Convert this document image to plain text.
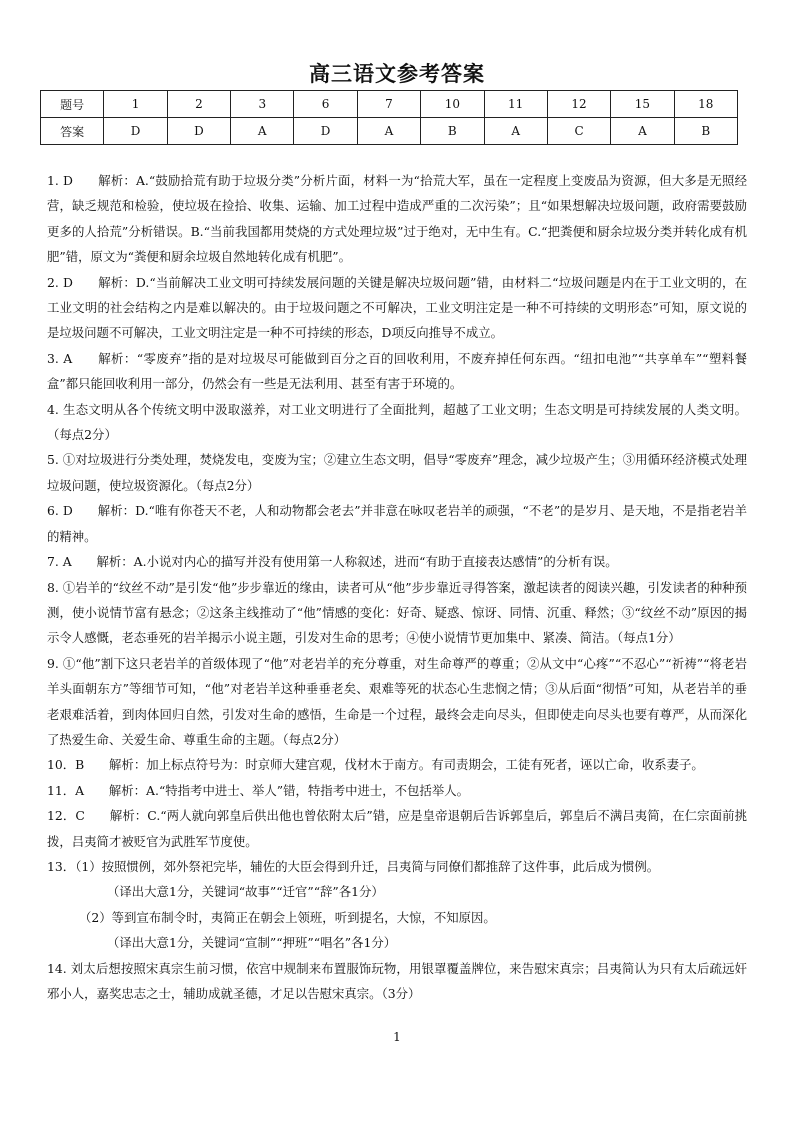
高三语文参考答案
题号	1	2	3	6	7	10	11	12	15	18
答案	D	D	A	D	A	B	A	C	A	B

1. D　　解析：A.“鼓励拾荒有助于垃圾分类”分析片面，材料一为“拾荒大军，虽在一定程度上变废品为资源，但大多是无照经营，缺乏规范和检验，使垃圾在捡拾、收集、运输、加工过程中造成严重的二次污染”；且“如果想解决垃圾问题，政府需要鼓励更多的人拾荒”分析错误。B.“当前我国都用焚烧的方式处理垃圾”过于绝对，无中生有。C.“把粪便和厨余垃圾分类并转化成有机肥”错，原文为“粪便和厨余垃圾自然地转化成有机肥”。

2. D　　解析：D.“当前解决工业文明可持续发展问题的关键是解决垃圾问题”错，由材料二“垃圾问题是内在于工业文明的，在工业文明的社会结构之内是难以解决的。由于垃圾问题之不可解决，工业文明注定是一种不可持续的文明形态”可知，原文说的是垃圾问题不可解决，工业文明注定是一种不可持续的形态，D项反向推导不成立。

3. A　　解析：“零废弃”指的是对垃圾尽可能做到百分之百的回收利用，不废弃掉任何东西。“纽扣电池”“共享单车”“塑料餐盒”都只能回收利用一部分，仍然会有一些是无法利用、甚至有害于环境的。

4. 生态文明从各个传统文明中汲取滋养，对工业文明进行了全面批判，超越了工业文明；生态文明是可持续发展的人类文明。（每点2分）

5. ①对垃圾进行分类处理，焚烧发电，变废为宝；②建立生态文明，倡导“零废弃”理念，减少垃圾产生；③用循环经济模式处理垃圾问题，使垃圾资源化。（每点2分）

6. D　　解析：D.“唯有你苍天不老，人和动物都会老去”并非意在咏叹老岩羊的顽强，“不老”的是岁月、是天地，不是指老岩羊的精神。

7. A　　解析：A.小说对内心的描写并没有使用第一人称叙述，进而“有助于直接表达感情”的分析有误。

8. ①岩羊的“纹丝不动”是引发“他”步步靠近的缘由，读者可从“他”步步靠近寻得答案，激起读者的阅读兴趣，引发读者的种种预测，使小说情节富有悬念；②这条主线推动了“他”情感的变化：好奇、疑惑、惊讶、同情、沉重、释然；③“纹丝不动”原因的揭示令人感慨，老态垂死的岩羊揭示小说主题，引发对生命的思考；④使小说情节更加集中、紧凑、简洁。（每点1分）

9. ①“他”割下这只老岩羊的首级体现了“他”对老岩羊的充分尊重，对生命尊严的尊重；②从文中“心疼”“不忍心”“祈祷”“将老岩羊头面朝东方”等细节可知，“他”对老岩羊这种垂垂老矣、艰难等死的状态心生悲悯之情；③从后面“彻悟”可知，从老岩羊的垂老艰难活着，到肉体回归自然，引发对生命的感悟，生命是一个过程，最终会走向尽头，但即使走向尽头也要有尊严，从而深化了热爱生命、关爱生命、尊重生命的主题。（每点2分）

10．B　　解析：加上标点符号为：时京师大建宫观，伐材木于南方。有司责期会，工徒有死者，诬以亡命，收系妻子。

11．A　　解析：A.“特指考中进士、举人”错，特指考中进士，不包括举人。

12．C　　解析：C.“两人就向郭皇后供出他也曾依附太后”错，应是皇帝退朝后告诉郭皇后，郭皇后不满吕夷简，在仁宗面前挑拨，吕夷简才被贬官为武胜军节度使。

13．（1）按照惯例，郊外祭祀完毕，辅佐的大臣会得到升迁，吕夷简与同僚们都推辞了这件事，此后成为惯例。

（译出大意1分，关键词“故事”“迁官”“辞”各1分）

（2）等到宣布制令时，夷简正在朝会上领班，听到提名，大惊，不知原因。

（译出大意1分，关键词“宣制”“押班”“唱名”各1分）

14. 刘太后想按照宋真宗生前习惯，依宫中规制来布置服饰玩物，用银罩覆盖牌位，来告慰宋真宗；吕夷简认为只有太后疏远奸邪小人，嘉奖忠志之士，辅助成就圣德，才足以告慰宋真宗。（3分）

1
